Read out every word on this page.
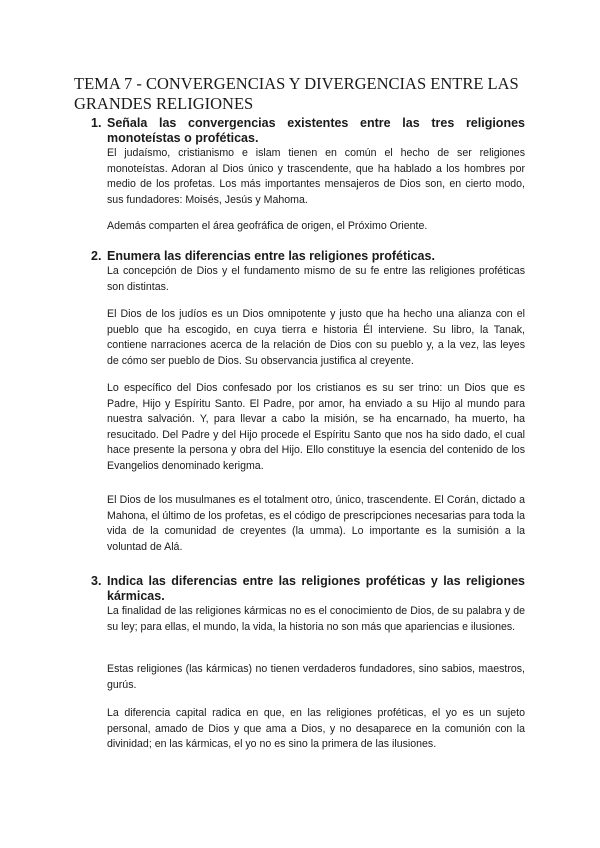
TEMA 7 - CONVERGENCIAS Y DIVERGENCIAS ENTRE LAS GRANDES RELIGIONES
1. Señala las convergencias existentes entre las tres religiones monoteístas o proféticas.

El judaísmo, cristianismo e islam tienen en común el hecho de ser religiones monoteístas. Adoran al Dios único y trascendente, que ha hablado a los hombres por medio de los profetas. Los más importantes mensajeros de Dios son, en cierto modo, sus fundadores: Moisés, Jesús y Mahoma.

Además comparten el área geofráfica de origen, el Próximo Oriente.

2. Enumera las diferencias entre las religiones proféticas.

La concepción de Dios y el fundamento mismo de su fe entre las religiones proféticas son distintas.

El Dios de los judíos es un Dios omnipotente y justo que ha hecho una alianza con el pueblo que ha escogido, en cuya tierra e historia Él interviene. Su libro, la Tanak, contiene narraciones acerca de la relación de Dios con su pueblo y, a la vez, las leyes de cómo ser pueblo de Dios. Su observancia justifica al creyente.

Lo específico del Dios confesado por los cristianos es su ser trino: un Dios que es Padre, Hijo y Espíritu Santo. El Padre, por amor, ha enviado a su Hijo al mundo para nuestra salvación. Y, para llevar a cabo la misión, se ha encarnado, ha muerto, ha resucitado. Del Padre y del Hijo procede el Espíritu Santo que nos ha sido dado, el cual hace presente la persona y obra del Hijo. Ello constituye la esencia del contenido de los Evangelios denominado kerigma.

El Dios de los musulmanes es el totalment otro, único, trascendente. El Corán, dictado a Mahona, el último de los profetas, es el código de prescripciones necesarias para toda la vida de la comunidad de creyentes (la umma). Lo importante es la sumisión a la voluntad de Alá.

3. Indica las diferencias entre las religiones proféticas y las religiones kármicas.

La finalidad de las religiones kármicas no es el conocimiento de Dios, de su palabra y de su ley; para ellas, el mundo, la vida, la historia no son más que apariencias e ilusiones.

Estas religiones (las kármicas) no tienen verdaderos fundadores, sino sabios, maestros, gurús.

La diferencia capital radica en que, en las religiones proféticas, el yo es un sujeto personal, amado de Dios y que ama a Dios, y no desaparece en la comunión con la divinidad; en las kármicas, el yo no es sino la primera de las ilusiones.
